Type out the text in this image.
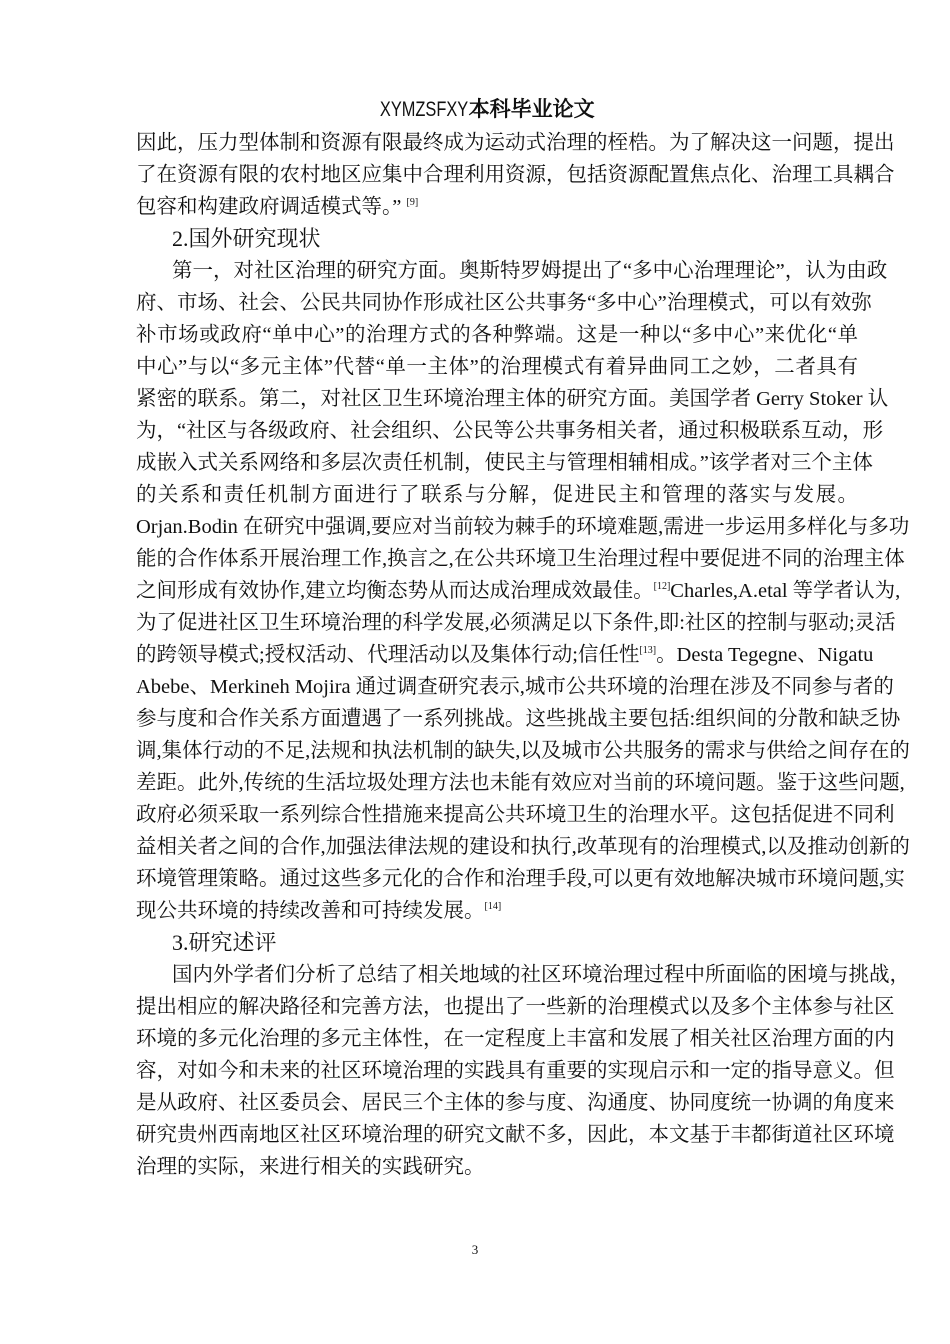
XYMZSFXY本科毕业论文
因此，压力型体制和资源有限最终成为运动式治理的桎梏。为了解决这一问题，提出
了在资源有限的农村地区应集中合理利用资源，包括资源配置焦点化、治理工具耦合
包容和构建政府调适模式等。” [9]
2.国外研究现状
第一，对社区治理的研究方面。奥斯特罗姆提出了“多中心治理理论”，认为由政
府、市场、社会、公民共同协作形成社区公共事务“多中心”治理模式，可以有效弥
补市场或政府“单中心”的治理方式的各种弊端。这是一种以“多中心”来优化“单
中心”与以“多元主体”代替“单一主体”的治理模式有着异曲同工之妙，二者具有
紧密的联系。第二，对社区卫生环境治理主体的研究方面。美国学者 Gerry Stoker 认
为，“社区与各级政府、社会组织、公民等公共事务相关者，通过积极联系互动，形
成嵌入式关系网络和多层次责任机制，使民主与管理相辅相成。”该学者对三个主体
的关系和责任机制方面进行了联系与分解，促进民主和管理的落实与发展。
Orjan.Bodin 在研究中强调,要应对当前较为棘手的环境难题,需进一步运用多样化与多功
能的合作体系开展治理工作,换言之,在公共环境卫生治理过程中要促进不同的治理主体
之间形成有效协作,建立均衡态势从而达成治理成效最佳。[12]Charles,A.etal 等学者认为,
为了促进社区卫生环境治理的科学发展,必须满足以下条件,即:社区的控制与驱动;灵活
的跨领导模式;授权活动、代理活动以及集体行动;信任性[13]。Desta Tegegne、Nigatu
Abebe、Merkineh Mojira 通过调查研究表示,城市公共环境的治理在涉及不同参与者的
参与度和合作关系方面遭遇了一系列挑战。这些挑战主要包括:组织间的分散和缺乏协
调,集体行动的不足,法规和执法机制的缺失,以及城市公共服务的需求与供给之间存在的
差距。此外,传统的生活垃圾处理方法也未能有效应对当前的环境问题。鉴于这些问题,
政府必须采取一系列综合性措施来提高公共环境卫生的治理水平。这包括促进不同利
益相关者之间的合作,加强法律法规的建设和执行,改革现有的治理模式,以及推动创新的
环境管理策略。通过这些多元化的合作和治理手段,可以更有效地解决城市环境问题,实
现公共环境的持续改善和可持续发展。[14]
3.研究述评
国内外学者们分析了总结了相关地域的社区环境治理过程中所面临的困境与挑战，
提出相应的解决路径和完善方法，也提出了一些新的治理模式以及多个主体参与社区
环境的多元化治理的多元主体性，在一定程度上丰富和发展了相关社区治理方面的内
容，对如今和未来的社区环境治理的实践具有重要的实现启示和一定的指导意义。但
是从政府、社区委员会、居民三个主体的参与度、沟通度、协同度统一协调的角度来
研究贵州西南地区社区环境治理的研究文献不多，因此，本文基于丰都街道社区环境
治理的实际，来进行相关的实践研究。
3
